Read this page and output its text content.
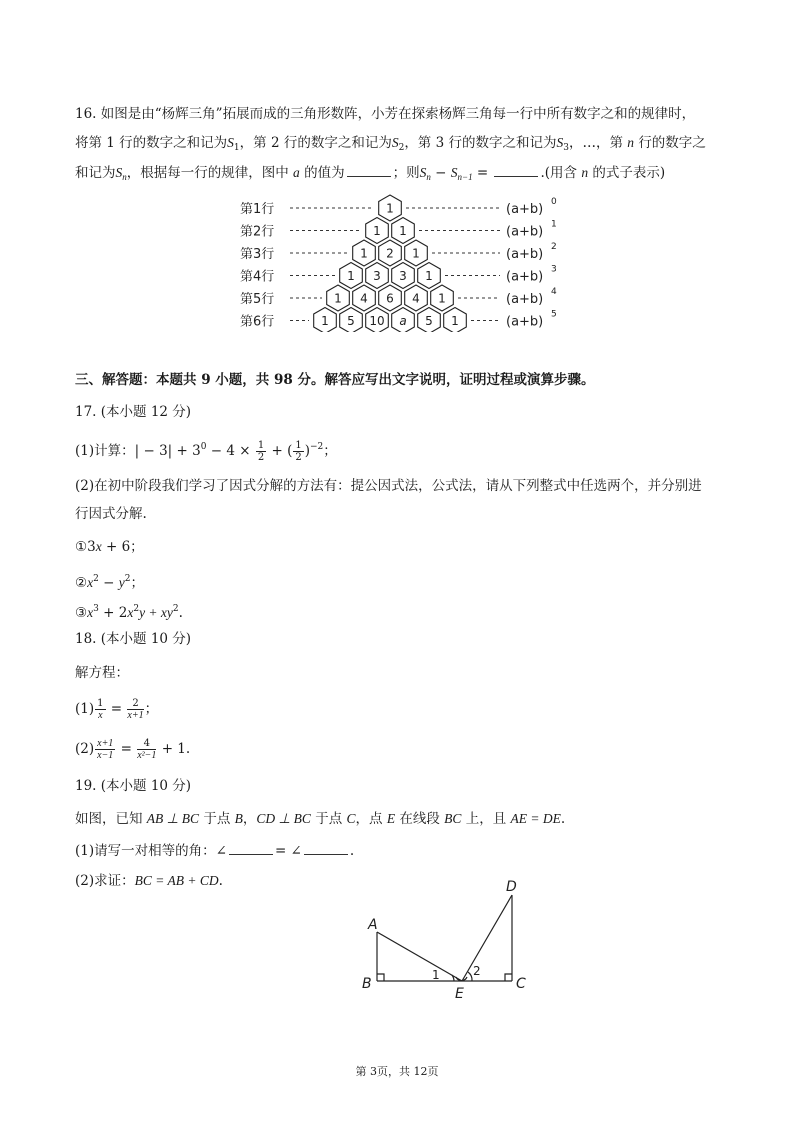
16. 如图是由“杨辉三角”拓展而成的三角形数阵，小芳在探索杨辉三角每一行中所有数字之和的规律时，
将第 1 行的数字之和记为$S_1$，第 2 行的数字之和记为$S_2$，第 3 行的数字之和记为$S_3$，…，第 n 行的数字之
和记为$S_n$，根据每一行的规律，图中 a 的值为	；则$S_n - S_{n-1}$ =	.(用含 n 的式子表示)
第1行	1	(a+b) 0
第2行	1 1	(a+b) 1
第3行	1 2 1	(a+b) 2
第4行	1 3 3 1	(a+b) 3
第5行	1 4 6 4 1	(a+b) 4
第6行	1 5 10 a 5 1	(a+b) 5
三、解答题：本题共 9 小题，共 98 分。解答应写出文字说明，证明过程或演算步骤。
17. (本小题 12 分)
(1)计算：| − $3| + 3^0 - 4 \times \frac{1}{2}$ + ( $\frac{1}{2} )^{-2}$；
(2)在初中阶段我们学习了因式分解的方法有：提公因式法，公式法，请从下列整式中任选两个，并分别进
行因式分解.
①3x + 6；
$②x^2 - y^2$；
$③x^3 + 2x^2y + xy^2$.
18. (本小题 10 分)
解方程：
$(1) \frac{1}{x} = \frac{2}{x+1}$ ；
$(2) \frac{x+1}{x-1} = \frac{4}{\text{x²−1}} + 1$.
19. (本小题 10 分)
如图，已知 AB ⊥ BC 于点 B，CD ⊥ BC 于点 C，点 E 在线段 BC 上，且 AE = DE.
(1)请写一对相等的角：∠	= ∠	.
(2)求证：BC = AB + CD.
A
B	C
D
E
1	2
第 3页，共 12页
